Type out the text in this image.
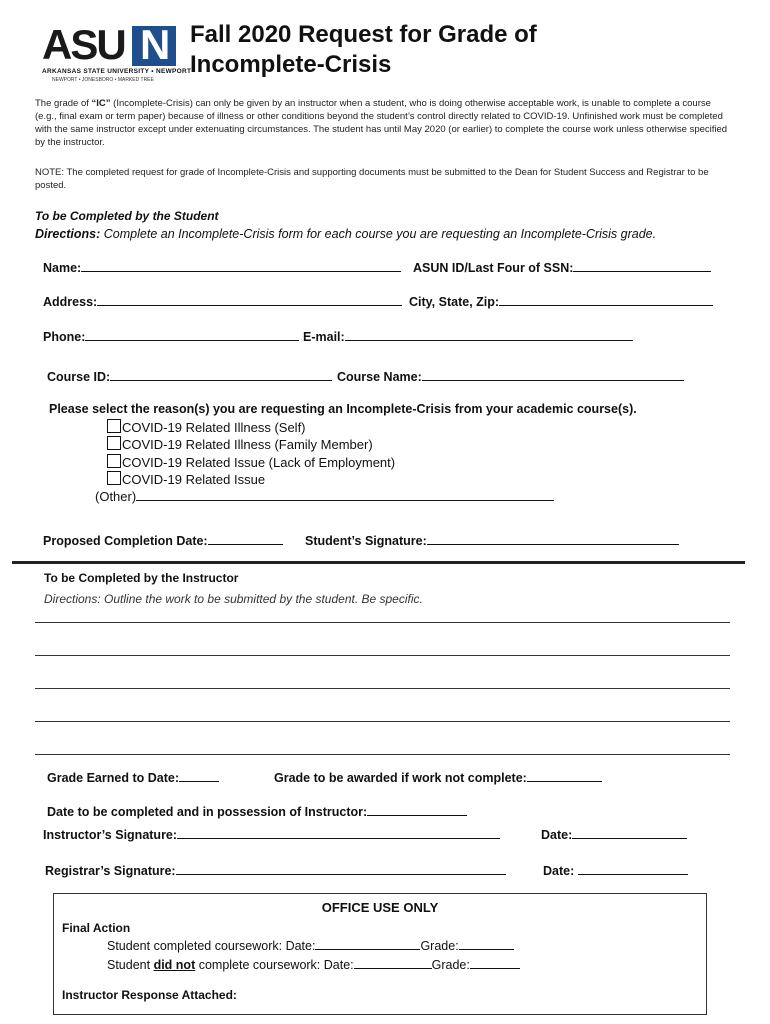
ASU N
ARKANSAS STATE UNIVERSITY • NEWPORT
NEWPORT • JONESBORO • MARKED TREE
Fall 2020 Request for Grade of
Incomplete-Crisis

The grade of “IC” (Incomplete-Crisis) can only be given by an instructor when a student, who is doing otherwise acceptable work, is unable to complete a course (e.g., final exam or term paper) because of illness or other conditions beyond the student’s control directly related to COVID-19. Unfinished work must be completed with the same instructor except under extenuating circumstances. The student has until May 2020 (or earlier) to complete the course work unless otherwise specified by the instructor.

NOTE: The completed request for grade of Incomplete-Crisis and supporting documents must be submitted to the Dean for Student Success and Registrar to be posted.
To be Completed by the Student
Directions: Complete an Incomplete-Crisis form for each course you are requesting an Incomplete-Crisis grade.
Name:	ASUN ID/Last Four of SSN:
Address:	City, State, Zip:
Phone:	E-mail:
Course ID:	Course Name:
Please select the reason(s) you are requesting an Incomplete-Crisis from your academic course(s).
COVID-19 Related Illness (Self)
COVID-19 Related Illness (Family Member)
COVID-19 Related Issue (Lack of Employment)
COVID-19 Related Issue
(Other)
Proposed Completion Date:	Student’s Signature:
To be Completed by the Instructor
Directions: Outline the work to be submitted by the student. Be specific.
Grade Earned to Date:	Grade to be awarded if work not complete:
Date to be completed and in possession of Instructor:
Instructor’s Signature:	Date:
Registrar’s Signature:	Date:
OFFICE USE ONLY
Final Action
Student completed coursework: Date:	Grade:
Student did not complete coursework: Date:	Grade:
Instructor Response Attached:
